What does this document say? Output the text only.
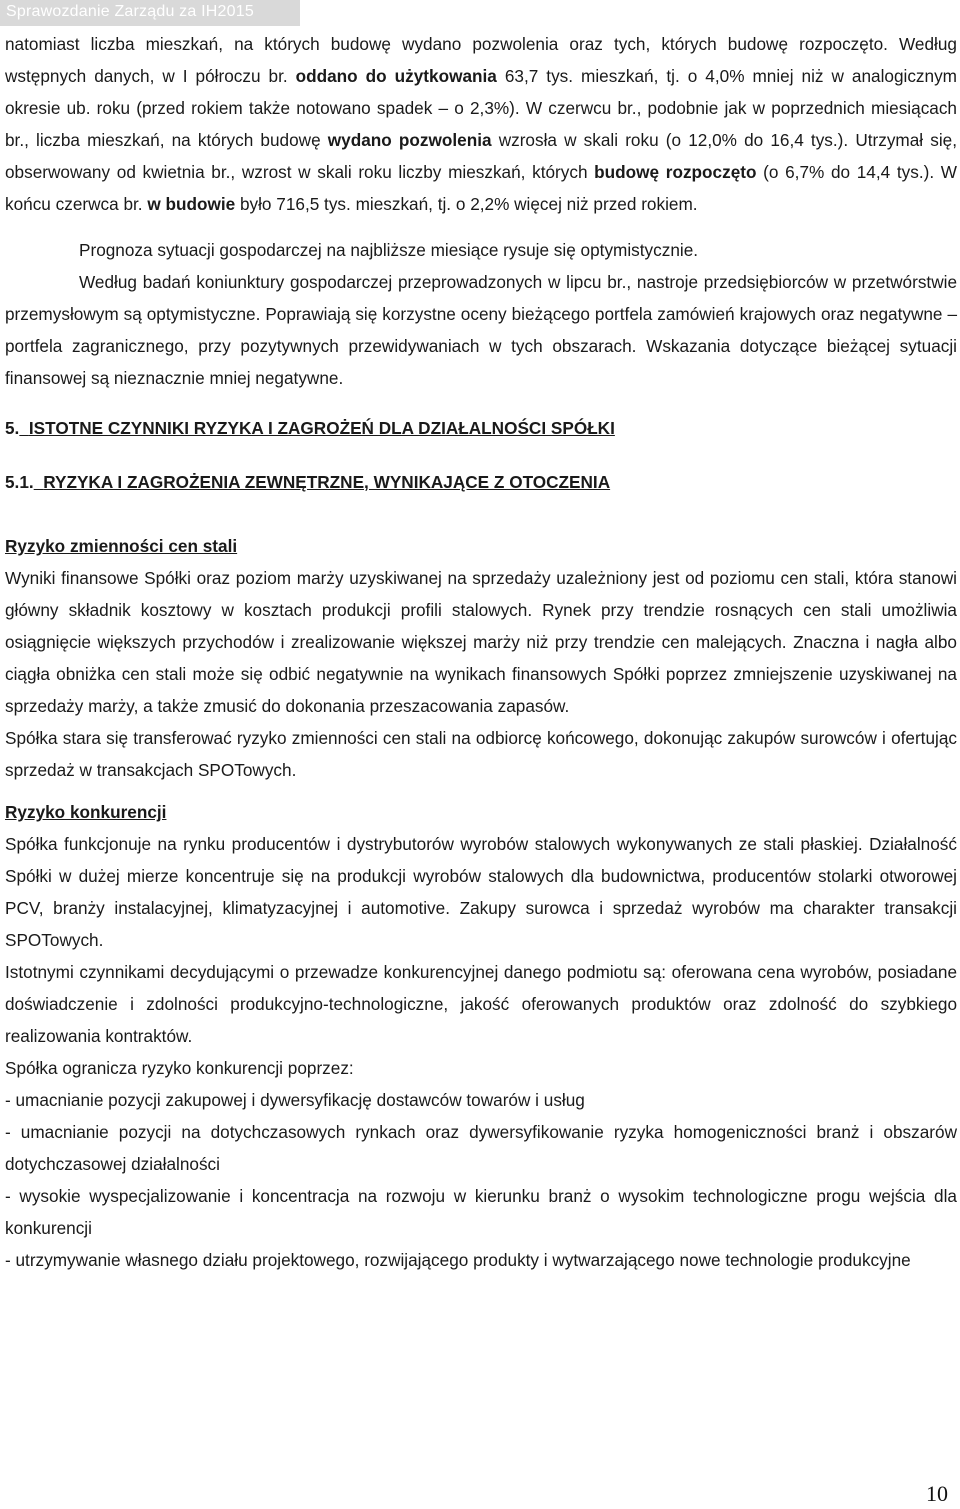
Sprawozdanie Zarządu za IH2015

natomiast liczba mieszkań, na których budowę wydano pozwolenia oraz tych, których budowę rozpoczęto. Według wstępnych danych, w I półroczu br. oddano do użytkowania 63,7 tys. mieszkań, tj. o 4,0% mniej niż w analogicznym okresie ub. roku (przed rokiem także notowano spadek – o 2,3%). W czerwcu br., podobnie jak w poprzednich miesiącach br., liczba mieszkań, na których budowę wydano pozwolenia wzrosła w skali roku (o 12,0% do 16,4 tys.). Utrzymał się, obserwowany od kwietnia br., wzrost w skali roku liczby mieszkań, których budowę rozpoczęto (o 6,7% do 14,4 tys.). W końcu czerwca br. w budowie było 716,5 tys. mieszkań, tj. o 2,2% więcej niż przed rokiem.

Prognoza sytuacji gospodarczej na najbliższe miesiące rysuje się optymistycznie.

Według badań koniunktury gospodarczej przeprowadzonych w lipcu br., nastroje przedsiębiorców w przetwórstwie przemysłowym są optymistyczne. Poprawiają się korzystne oceny bieżącego portfela zamówień krajowych oraz negatywne – portfela zagranicznego, przy pozytywnych przewidywaniach w tych obszarach. Wskazania dotyczące bieżącej sytuacji finansowej są nieznacznie mniej negatywne.

5. ISTOTNE CZYNNIKI RYZYKA I ZAGROŻEŃ DLA DZIAŁALNOŚCI SPÓŁKI

5.1. RYZYKA I ZAGROŻENIA ZEWNĘTRZNE, WYNIKAJĄCE Z OTOCZENIA

Ryzyko zmienności cen stali

Wyniki finansowe Spółki oraz poziom marży uzyskiwanej na sprzedaży uzależniony jest od poziomu cen stali, która stanowi główny składnik kosztowy w kosztach produkcji profili stalowych. Rynek przy trendzie rosnących cen stali umożliwia osiągnięcie większych przychodów i zrealizowanie większej marży niż przy trendzie cen malejących. Znaczna i nagła albo ciągła obniżka cen stali może się odbić negatywnie na wynikach finansowych Spółki poprzez zmniejszenie uzyskiwanej na sprzedaży marży, a także zmusić do dokonania przeszacowania zapasów.

Spółka stara się transferować ryzyko zmienności cen stali na odbiorcę końcowego, dokonując zakupów surowców i ofertując sprzedaż w transakcjach SPOTowych.

Ryzyko konkurencji

Spółka funkcjonuje na rynku producentów i dystrybutorów wyrobów stalowych wykonywanych ze stali płaskiej. Działalność Spółki w dużej mierze koncentruje się na produkcji wyrobów stalowych dla budownictwa, producentów stolarki otworowej PCV, branży instalacyjnej, klimatyzacyjnej i automotive. Zakupy surowca i sprzedaż wyrobów ma charakter transakcji SPOTowych.

Istotnymi czynnikami decydującymi o przewadze konkurencyjnej danego podmiotu są: oferowana cena wyrobów, posiadane doświadczenie i zdolności produkcyjno-technologiczne, jakość oferowanych produktów oraz zdolność do szybkiego realizowania kontraktów.

Spółka ogranicza ryzyko konkurencji poprzez:

- umacnianie pozycji zakupowej i dywersyfikację dostawców towarów i usług

- umacnianie pozycji na dotychczasowych rynkach oraz dywersyfikowanie ryzyka homogeniczności branż i obszarów dotychczasowej działalności

- wysokie wyspecjalizowanie i koncentracja na rozwoju w kierunku branż o wysokim technologiczne progu wejścia dla konkurencji

- utrzymywanie własnego działu projektowego, rozwijającego produkty i wytwarzającego nowe technologie produkcyjne

10
